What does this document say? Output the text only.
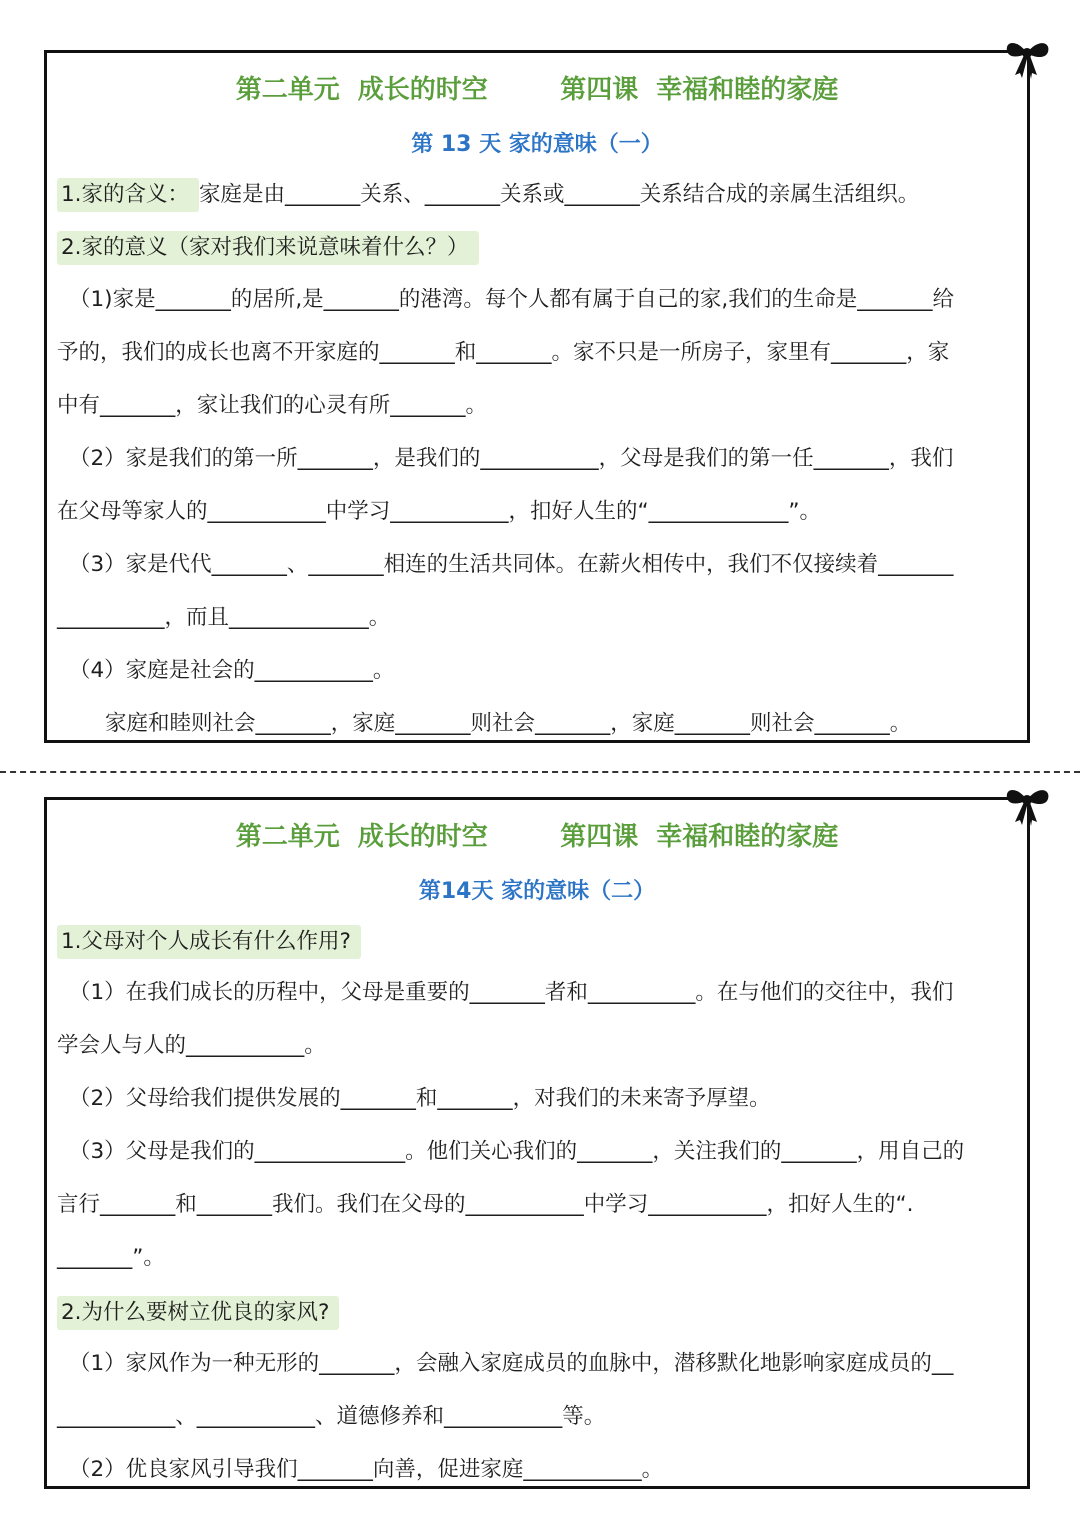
第二单元  成长的时空        第四课  幸福和睦的家庭
第 13 天 家的意味（一）
1.家的含义： 家庭是由_______关系、_______关系或_______关系结合成的亲属生活组织。
2.家的意义（家对我们来说意味着什么？）
（1)家是_______的居所,是_______的港湾。每个人都有属于自己的家,我们的生命是_______给
予的，我们的成长也离不开家庭的_______和_______。家不只是一所房子，家里有_______，家
中有_______，家让我们的心灵有所_______。
（2）家是我们的第一所_______，是我们的___________，父母是我们的第一任_______，我们
在父母等家人的___________中学习___________，扣好人生的“_____________”。
（3）家是代代_______、_______相连的生活共同体。在薪火相传中，我们不仅接续着_______
__________，而且_____________。
（4）家庭是社会的___________。
家庭和睦则社会_______，家庭_______则社会_______，家庭_______则社会_______。
第二单元  成长的时空        第四课  幸福和睦的家庭
第14天 家的意味（二）
1.父母对个人成长有什么作用?
（1）在我们成长的历程中，父母是重要的_______者和__________。在与他们的交往中，我们
学会人与人的___________。
（2）父母给我们提供发展的_______和_______，对我们的未来寄予厚望。
（3）父母是我们的______________。他们关心我们的_______，关注我们的_______，用自己的
言行_______和_______我们。我们在父母的___________中学习___________，扣好人生的“.
_______”。
2.为什么要树立优良的家风?
（1）家风作为一种无形的_______，会融入家庭成员的血脉中，潜移默化地影响家庭成员的__
___________、___________、道德修养和___________等。
（2）优良家风引导我们_______向善，促进家庭___________。
